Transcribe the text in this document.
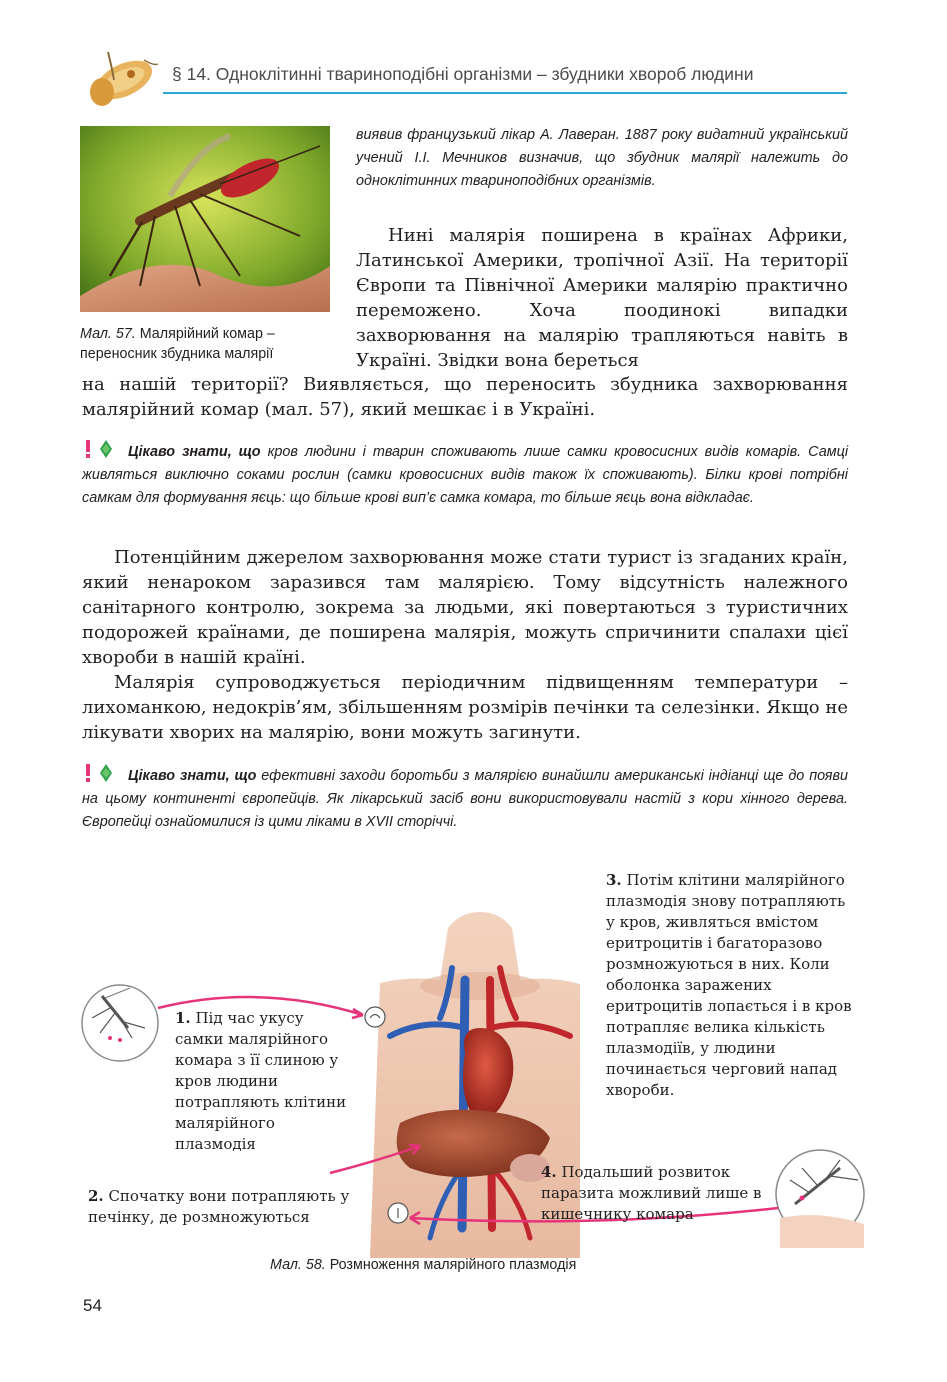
§ 14. Одноклітинні твариноподібні організми – збудники хвороб людини
Мал. 57. Малярійний комар – переносник збудника малярії
виявив французький лікар А. Лаверан. 1887 року видатний український учений І.І. Мечников визначив, що збудник малярії належить до одноклітинних твариноподібних організмів.

Нині малярія поширена в країнах Африки, Латинської Америки, тропічної Азії. На території Європи та Північної Америки малярію практично переможено. Хоча поодинокі випадки захворювання на малярію трапляються навіть в Україні. Звідки вона береться

на нашій території? Виявляється, що переносить збудника захворювання малярійний комар (мал. 57), який мешкає і в Україні.

Цікаво знати, що кров людини і тварин споживають лише самки кровосисних видів комарів. Самці живляться виключно соками рослин (самки кровосисних видів також їх споживають). Білки крові потрібні самкам для формування яєць: що більше крові вип’є самка комара, то більше яєць вона відкладає.

Потенційним джерелом захворювання може стати турист із згаданих країн, який ненароком заразився там малярією. Тому відсутність належного санітарного контролю, зокрема за людьми, які повертаються з туристичних подорожей країнами, де поширена малярія, можуть спричинити спалахи цієї хвороби в нашій країні.

Малярія супроводжується періодичним підвищенням температури – лихоманкою, недокрів’ям, збільшенням розмірів печінки та селезінки. Якщо не лікувати хворих на малярію, вони можуть загинути.

Цікаво знати, що ефективні заходи боротьби з малярією винайшли американські індіанці ще до появи на цьому континенті європейців. Як лікарський засіб вони використовували настій з кори хінного дерева. Європейці ознайомилися із цими ліками в XVII сторіччі.
1. Під час укусу самки малярійного комара з її слиною у кров людини потрапляють клітини малярійного плазмодія
2. Спочатку вони потрапляють у печінку, де розмножуються
3. Потім клітини малярійного плазмодія знову потрапляють у кров, живляться вмістом еритроцитів і багаторазово розмножуються в них. Коли оболонка заражених еритроцитів лопається і в кров потрапляє велика кількість плазмодіїв, у людини починається черговий напад хвороби.
4. Подальший розвиток паразита можливий лише в кишечнику комара
Мал. 58. Розмноження малярійного плазмодія
54
